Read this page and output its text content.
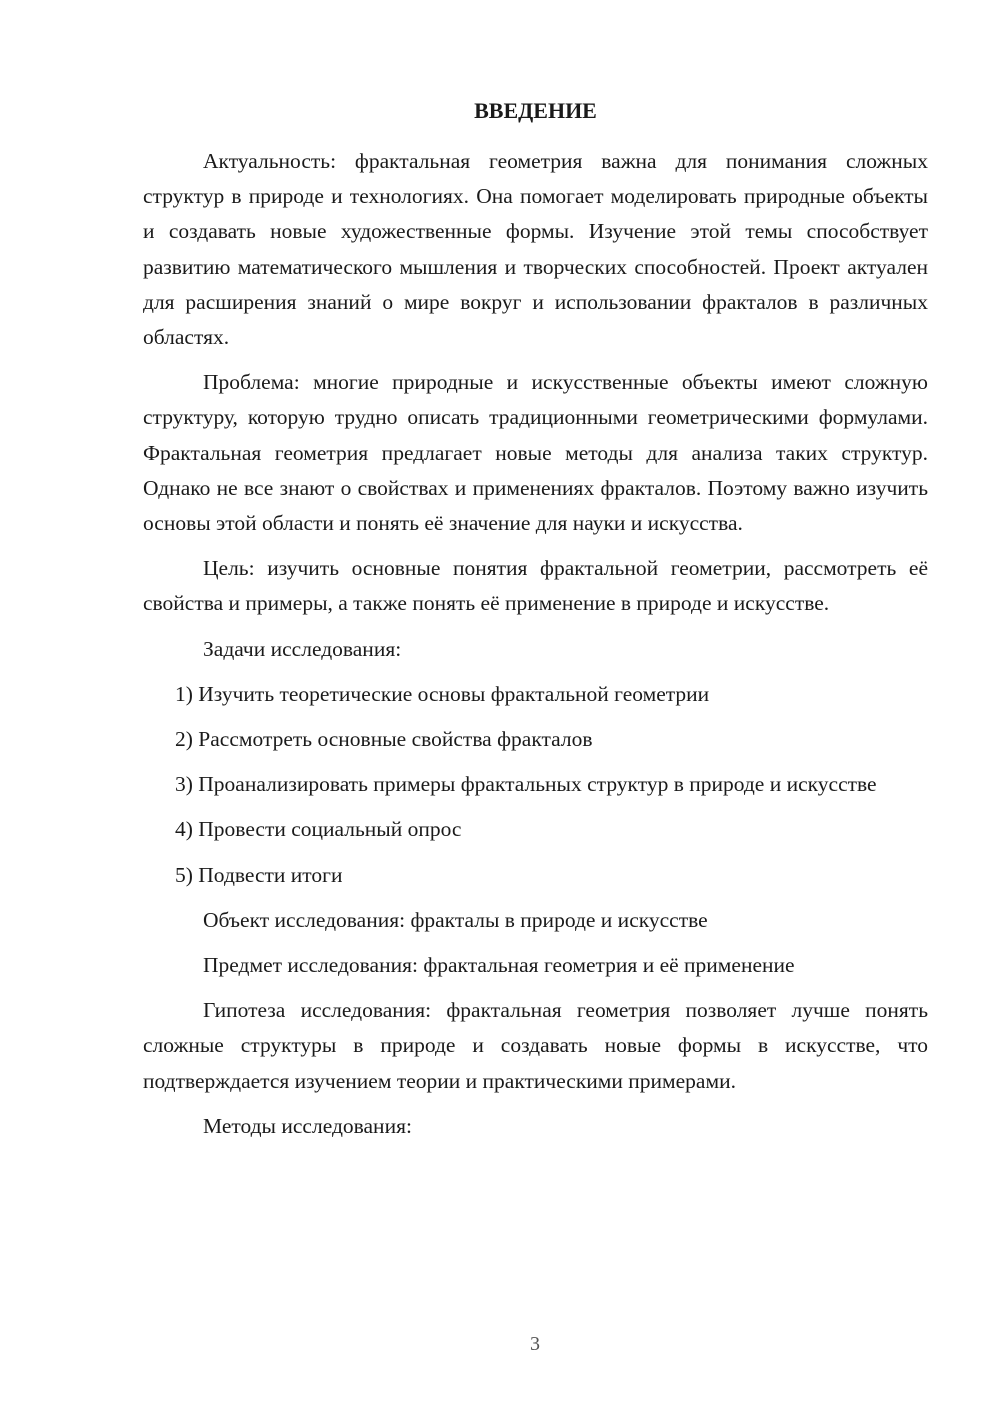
ВВЕДЕНИЕ

Актуальность: фрактальная геометрия важна для понимания сложных структур в природе и технологиях. Она помогает моделировать природные объекты и создавать новые художественные формы. Изучение этой темы способствует развитию математического мышления и творческих способностей. Проект актуален для расширения знаний о мире вокруг и использовании фракталов в различных областях.

Проблема: многие природные и искусственные объекты имеют сложную структуру, которую трудно описать традиционными геометрическими формулами. Фрактальная геометрия предлагает новые методы для анализа таких структур. Однако не все знают о свойствах и применениях фракталов. Поэтому важно изучить основы этой области и понять её значение для науки и искусства.

Цель: изучить основные понятия фрактальной геометрии, рассмотреть её свойства и примеры, а также понять её применение в природе и искусстве.

Задачи исследования:

1) Изучить теоретические основы фрактальной геометрии

2) Рассмотреть основные свойства фракталов

3) Проанализировать примеры фрактальных структур в природе и искусстве

4) Провести социальный опрос

5) Подвести итоги

Объект исследования: фракталы в природе и искусстве

Предмет исследования: фрактальная геометрия и её применение

Гипотеза исследования: фрактальная геометрия позволяет лучше понять сложные структуры в природе и создавать новые формы в искусстве, что подтверждается изучением теории и практическими примерами.

Методы исследования:

3
